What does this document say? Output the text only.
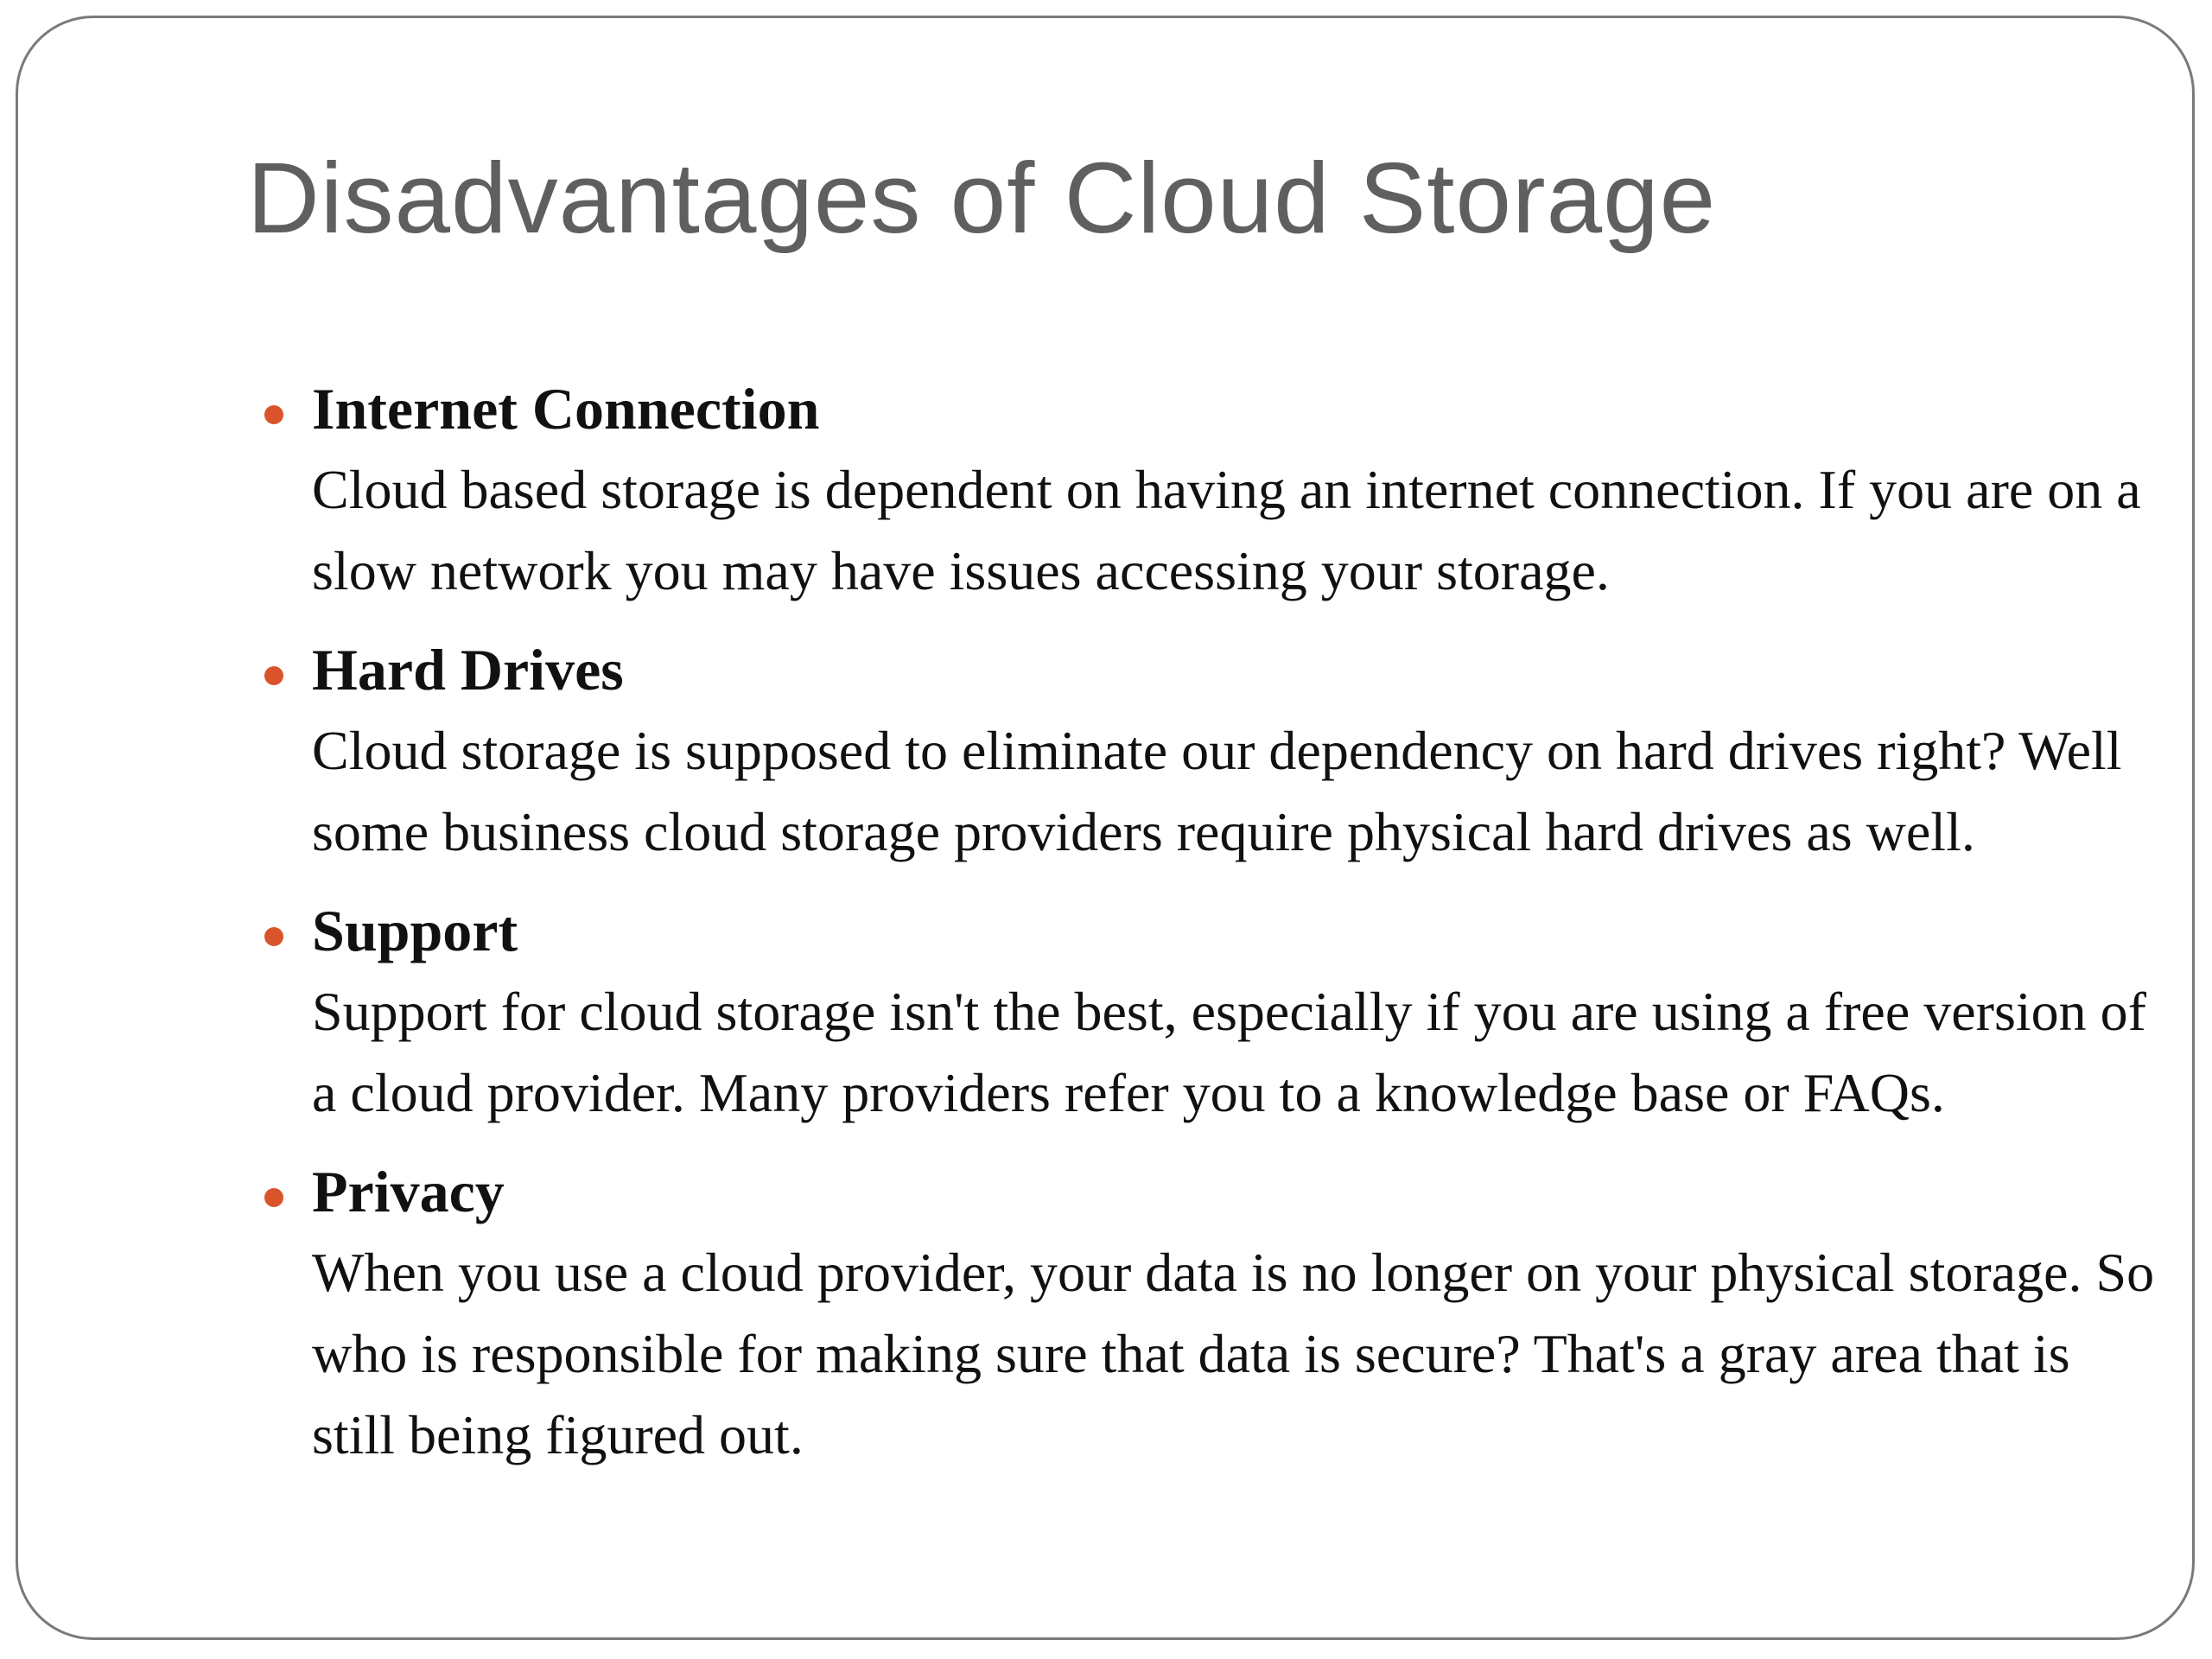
Disadvantages of Cloud Storage
Internet Connection
Cloud based storage is dependent on having an internet connection. If you are on a slow network you may have issues accessing your storage.
Hard Drives
Cloud storage is supposed to eliminate our dependency on hard drives right? Well some business cloud storage providers require physical hard drives as well.
Support
Support for cloud storage isn't the best, especially if you are using a free version of a cloud provider. Many providers refer you to a knowledge base or FAQs.
Privacy
When you use a cloud provider, your data is no longer on your physical storage. So who is responsible for making sure that data is secure? That's a gray area that is still being figured out.
